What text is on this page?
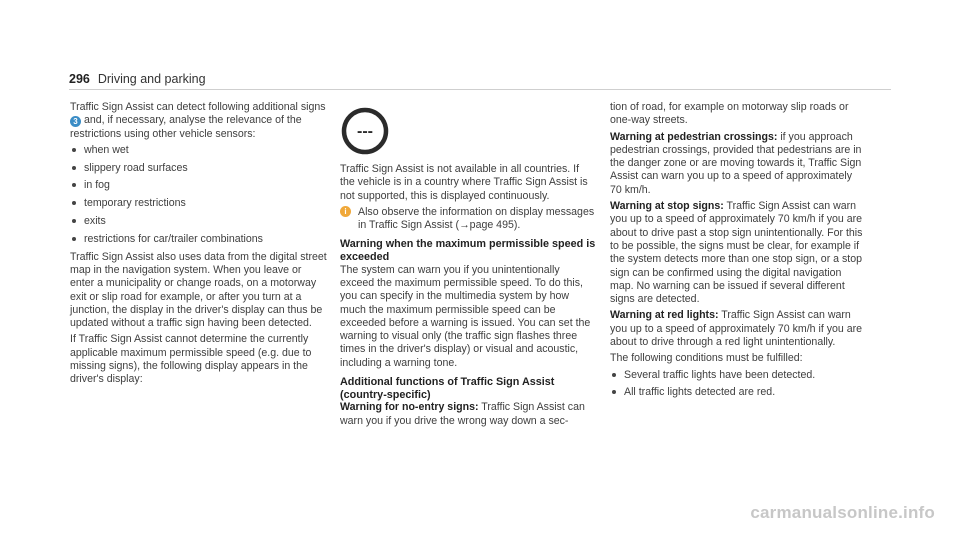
296 Driving and parking

Traffic Sign Assist can detect following additional signs 3 and, if necessary, analyse the relevance of the restrictions using other vehicle sensors:

when wet
slippery road surfaces
in fog
temporary restrictions
exits
restrictions for car/trailer combinations

Traffic Sign Assist also uses data from the digital street map in the navigation system. When you leave or enter a municipality or change roads, on a motorway exit or slip road for example, or after you turn at a junction, the display in the driver's display can thus be updated without a traffic sign having been detected.

If Traffic Sign Assist cannot determine the currently applicable maximum permissible speed (e.g. due to missing signs), the following display appears in the driver's display:

---

Traffic Sign Assist is not available in all countries. If the vehicle is in a country where Traffic Sign Assist is not supported, this is displayed continuously.

i	Also observe the information on display messages in Traffic Sign Assist (→page 495).
Warning when the maximum permissible speed is exceeded

The system can warn you if you unintentionally exceed the maximum permissible speed. To do this, you can specify in the multimedia system by how much the maximum permissible speed can be exceeded before a warning is issued. You can set the warning to visual only (the traffic sign flashes three times in the driver's display) or visual and acoustic, including a warning tone.

Additional functions of Traffic Sign Assist (country-specific)

Warning for no-entry signs: Traffic Sign Assist can warn you if you drive the wrong way down a sec-

tion of road, for example on motorway slip roads or one-way streets.

Warning at pedestrian crossings: if you approach pedestrian crossings, provided that pedestrians are in the danger zone or are moving towards it, Traffic Sign Assist can warn you up to a speed of approximately 70 km/h.

Warning at stop signs: Traffic Sign Assist can warn you up to a speed of approximately 70 km/h if you are about to drive past a stop sign unintentionally. For this to be possible, the signs must be clear, for example if the system detects more than one stop sign, or a stop sign can be confirmed using the digital navigation map. No warning can be issued if several different signs are detected.

Warning at red lights: Traffic Sign Assist can warn you up to a speed of approximately 70 km/h if you are about to drive through a red light unintentionally.

The following conditions must be fulfilled:

Several traffic lights have been detected.
All traffic lights detected are red.
carmanualsonline.info
